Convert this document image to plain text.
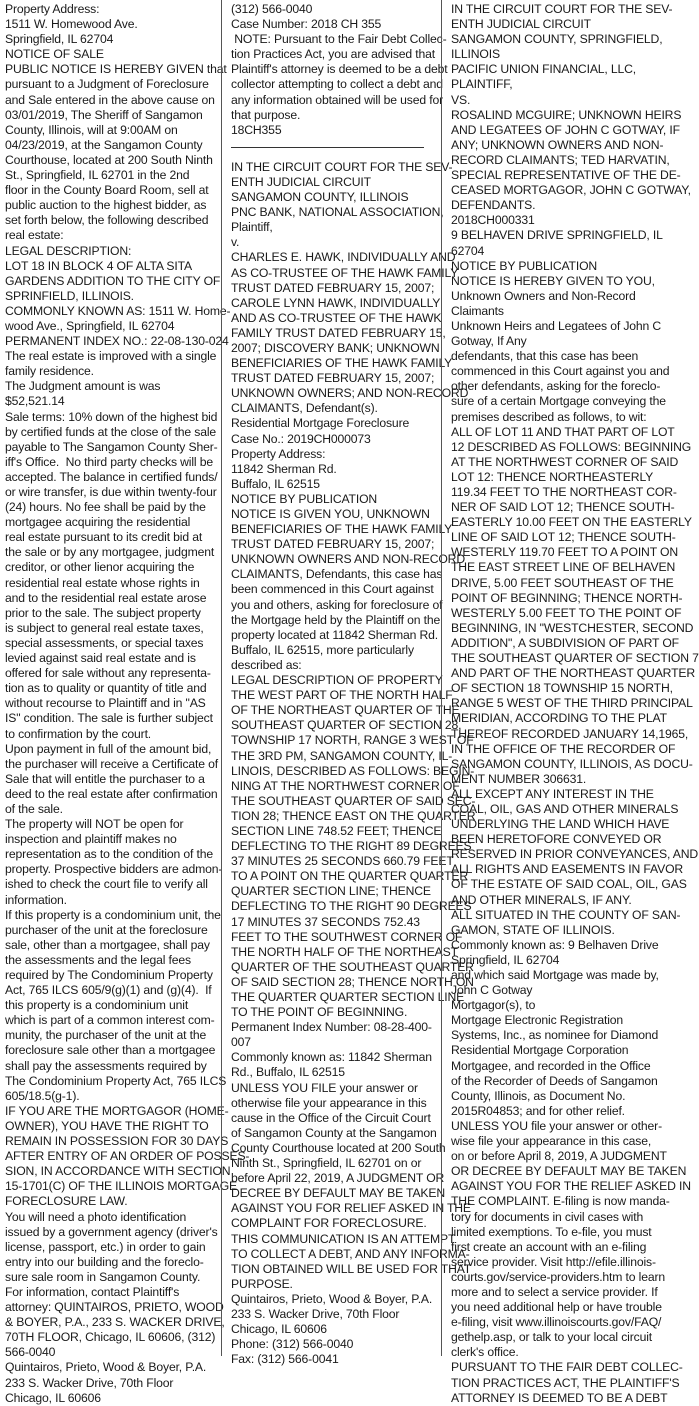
Property Address:
1511 W. Homewood Ave.
Springfield, IL 62704
NOTICE OF SALE
PUBLIC NOTICE IS HEREBY GIVEN that
pursuant to a Judgment of Foreclosure
and Sale entered in the above cause on
03/01/2019, The Sheriff of Sangamon
County, Illinois, will at 9:00AM on
04/23/2019, at the Sangamon County
Courthouse, located at 200 South Ninth
St., Springfield, IL 62701 in the 2nd
floor in the County Board Room, sell at
public auction to the highest bidder, as
set forth below, the following described
real estate:
LEGAL DESCRIPTION:
LOT 18 IN BLOCK 4 OF ALTA SITA
GARDENS ADDITION TO THE CITY OF
SPRINFIELD, ILLINOIS.
COMMONLY KNOWN AS: 1511 W. Home-
wood Ave., Springfield, IL 62704
PERMANENT INDEX NO.: 22-08-130-024
The real estate is improved with a single
family residence.
The Judgment amount is was
$52,521.14
Sale terms: 10% down of the highest bid
by certified funds at the close of the sale
payable to The Sangamon County Sher-
iff's Office.  No third party checks will be
accepted. The balance in certified funds/
or wire transfer, is due within twenty-four
(24) hours. No fee shall be paid by the
mortgagee acquiring the residential
real estate pursuant to its credit bid at
the sale or by any mortgagee, judgment
creditor, or other lienor acquiring the
residential real estate whose rights in
and to the residential real estate arose
prior to the sale. The subject property
is subject to general real estate taxes,
special assessments, or special taxes
levied against said real estate and is
offered for sale without any representa-
tion as to quality or quantity of title and
without recourse to Plaintiff and in "AS
IS" condition. The sale is further subject
to confirmation by the court.
Upon payment in full of the amount bid,
the purchaser will receive a Certificate of
Sale that will entitle the purchaser to a
deed to the real estate after confirmation
of the sale.
The property will NOT be open for
inspection and plaintiff makes no
representation as to the condition of the
property. Prospective bidders are admon-
ished to check the court file to verify all
information.
If this property is a condominium unit, the
purchaser of the unit at the foreclosure
sale, other than a mortgagee, shall pay
the assessments and the legal fees
required by The Condominium Property
Act, 765 ILCS 605/9(g)(1) and (g)(4).  If
this property is a condominium unit
which is part of a common interest com-
munity, the purchaser of the unit at the
foreclosure sale other than a mortgagee
shall pay the assessments required by
The Condominium Property Act, 765 ILCS
605/18.5(g-1).
IF YOU ARE THE MORTGAGOR (HOME-
OWNER), YOU HAVE THE RIGHT TO
REMAIN IN POSSESSION FOR 30 DAYS
AFTER ENTRY OF AN ORDER OF POSSES-
SION, IN ACCORDANCE WITH SECTION
15-1701(C) OF THE ILLINOIS MORTGAGE
FORECLOSURE LAW.
You will need a photo identification
issued by a government agency (driver's
license, passport, etc.) in order to gain
entry into our building and the foreclo-
sure sale room in Sangamon County.
For information, contact Plaintiff's
attorney: QUINTAIROS, PRIETO, WOOD
& BOYER, P.A., 233 S. WACKER DRIVE,
70TH FLOOR, Chicago, IL 60606, (312)
566-0040
Quintairos, Prieto, Wood & Boyer, P.A.
233 S. Wacker Drive, 70th Floor
Chicago, IL 60606
(312) 566-0040
Case Number: 2018 CH 355
NOTE: Pursuant to the Fair Debt Collec-
tion Practices Act, you are advised that
Plaintiff's attorney is deemed to be a debt
collector attempting to collect a debt and
any information obtained will be used for
that purpose.
18CH355
IN THE CIRCUIT COURT FOR THE SEV-
ENTH JUDICIAL CIRCUIT
SANGAMON COUNTY, ILLINOIS
PNC BANK, NATIONAL ASSOCIATION,
Plaintiff,
v.
CHARLES E. HAWK, INDIVIDUALLY AND
AS CO-TRUSTEE OF THE HAWK FAMILY
TRUST DATED FEBRUARY 15, 2007;
CAROLE LYNN HAWK, INDIVIDUALLY
AND AS CO-TRUSTEE OF THE HAWK
FAMILY TRUST DATED FEBRUARY 15,
2007; DISCOVERY BANK; UNKNOWN
BENEFICIARIES OF THE HAWK FAMILY
TRUST DATED FEBRUARY 15, 2007;
UNKNOWN OWNERS; AND NON-RECORD
CLAIMANTS, Defendant(s).
Residential Mortgage Foreclosure
Case No.: 2019CH000073
Property Address:
11842 Sherman Rd.
Buffalo, IL 62515
NOTICE BY PUBLICATION
NOTICE IS GIVEN YOU, UNKNOWN
BENEFICIARIES OF THE HAWK FAMILY
TRUST DATED FEBRUARY 15, 2007;
UNKNOWN OWNERS AND NON-RECORD
CLAIMANTS, Defendants, this case has
been commenced in this Court against
you and others, asking for foreclosure of
the Mortgage held by the Plaintiff on the
property located at 11842 Sherman Rd.
Buffalo, IL 62515, more particularly
described as:
LEGAL DESCRIPTION OF PROPERTY
THE WEST PART OF THE NORTH HALF
OF THE NORTHEAST QUARTER OF THE
SOUTHEAST QUARTER OF SECTION 28,
TOWNSHIP 17 NORTH, RANGE 3 WEST OF
THE 3RD PM, SANGAMON COUNTY, IL-
LINOIS, DESCRIBED AS FOLLOWS: BEGIN-
NING AT THE NORTHWEST CORNER OF
THE SOUTHEAST QUARTER OF SAID SEC-
TION 28; THENCE EAST ON THE QUARTER
SECTION LINE 748.52 FEET; THENCE
DEFLECTING TO THE RIGHT 89 DEGREES
37 MINUTES 25 SECONDS 660.79 FEET
TO A POINT ON THE QUARTER QUARTER
QUARTER SECTION LINE; THENCE
DEFLECTING TO THE RIGHT 90 DEGREES
17 MINUTES 37 SECONDS 752.43
FEET TO THE SOUTHWEST CORNER OF
THE NORTH HALF OF THE NORTHEAST
QUARTER OF THE SOUTHEAST QUARTER
OF SAID SECTION 28; THENCE NORTH ON
THE QUARTER QUARTER SECTION LINE
TO THE POINT OF BEGINNING.
Permanent Index Number: 08-28-400-
007
Commonly known as: 11842 Sherman
Rd., Buffalo, IL 62515
UNLESS YOU FILE your answer or
otherwise file your appearance in this
cause in the Office of the Circuit Court
of Sangamon County at the Sangamon
County Courthouse located at 200 South
Ninth St., Springfield, IL 62701 on or
before April 22, 2019, A JUDGMENT OR
DECREE BY DEFAULT MAY BE TAKEN
AGAINST YOU FOR RELIEF ASKED IN THE
COMPLAINT FOR FORECLOSURE.
THIS COMMUNICATION IS AN ATTEMPT
TO COLLECT A DEBT, AND ANY INFORMA-
TION OBTAINED WILL BE USED FOR THAT
PURPOSE.
Quintairos, Prieto, Wood & Boyer, P.A.
233 S. Wacker Drive, 70th Floor
Chicago, IL 60606
Phone: (312) 566-0040
Fax: (312) 566-0041
IN THE CIRCUIT COURT FOR THE SEV-
ENTH JUDICIAL CIRCUIT
SANGAMON COUNTY, SPRINGFIELD,
ILLINOIS
PACIFIC UNION FINANCIAL, LLC,
PLAINTIFF,
VS.
ROSALIND MCGUIRE; UNKNOWN HEIRS
AND LEGATEES OF JOHN C GOTWAY, IF
ANY; UNKNOWN OWNERS AND NON-
RECORD CLAIMANTS; TED HARVATIN,
SPECIAL REPRESENTATIVE OF THE DE-
CEASED MORTGAGOR, JOHN C GOTWAY,
DEFENDANTS.
2018CH000331
9 BELHAVEN DRIVE SPRINGFIELD, IL
62704
NOTICE BY PUBLICATION
NOTICE IS HEREBY GIVEN TO YOU,
Unknown Owners and Non-Record
Claimants
Unknown Heirs and Legatees of John C
Gotway, If Any
defendants, that this case has been
commenced in this Court against you and
other defendants, asking for the foreclo-
sure of a certain Mortgage conveying the
premises described as follows, to wit:
ALL OF LOT 11 AND THAT PART OF LOT
12 DESCRIBED AS FOLLOWS: BEGINNING
AT THE NORTHWEST CORNER OF SAID
LOT 12: THENCE NORTHEASTERLY
119.34 FEET TO THE NORTHEAST COR-
NER OF SAID LOT 12; THENCE SOUTH-
EASTERLY 10.00 FEET ON THE EASTERLY
LINE OF SAID LOT 12; THENCE SOUTH-
WESTERLY 119.70 FEET TO A POINT ON
THE EAST STREET LINE OF BELHAVEN
DRIVE, 5.00 FEET SOUTHEAST OF THE
POINT OF BEGINNING; THENCE NORTH-
WESTERLY 5.00 FEET TO THE POINT OF
BEGINNING, IN "WESTCHESTER, SECOND
ADDITION", A SUBDIVISION OF PART OF
THE SOUTHEAST QUARTER OF SECTION 7
AND PART OF THE NORTHEAST QUARTER
OF SECTION 18 TOWNSHIP 15 NORTH,
RANGE 5 WEST OF THE THIRD PRINCIPAL
MERIDIAN, ACCORDING TO THE PLAT
THEREOF RECORDED JANUARY 14,1965,
IN THE OFFICE OF THE RECORDER OF
SANGAMON COUNTY, ILLINOIS, AS DOCU-
MENT NUMBER 306631.
ALL EXCEPT ANY INTEREST IN THE
COAL, OIL, GAS AND OTHER MINERALS
UNDERLYING THE LAND WHICH HAVE
BEEN HERETOFORE CONVEYED OR
RESERVED IN PRIOR CONVEYANCES, AND
ALL RIGHTS AND EASEMENTS IN FAVOR
OF THE ESTATE OF SAID COAL, OIL, GAS
AND OTHER MINERALS, IF ANY.
ALL SITUATED IN THE COUNTY OF SAN-
GAMON, STATE OF ILLINOIS.
Commonly known as: 9 Belhaven Drive
Springfield, IL 62704
and which said Mortgage was made by,
John C Gotway
Mortgagor(s), to
Mortgage Electronic Registration
Systems, Inc., as nominee for Diamond
Residential Mortgage Corporation
Mortgagee, and recorded in the Office
of the Recorder of Deeds of Sangamon
County, Illinois, as Document No.
2015R04853; and for other relief.
UNLESS YOU file your answer or other-
wise file your appearance in this case,
on or before April 8, 2019, A JUDGMENT
OR DECREE BY DEFAULT MAY BE TAKEN
AGAINST YOU FOR THE RELIEF ASKED IN
THE COMPLAINT. E-filing is now manda-
tory for documents in civil cases with
limited exemptions. To e-file, you must
first create an account with an e-filing
service provider. Visit http://efile.illinois-
courts.gov/service-providers.htm to learn
more and to select a service provider. If
you need additional help or have trouble
e-filing, visit www.illinoiscourts.gov/FAQ/
gethelp.asp, or talk to your local circuit
clerk's office.
PURSUANT TO THE FAIR DEBT COLLEC-
TION PRACTICES ACT, THE PLAINTIFF'S
ATTORNEY IS DEEMED TO BE A DEBT
